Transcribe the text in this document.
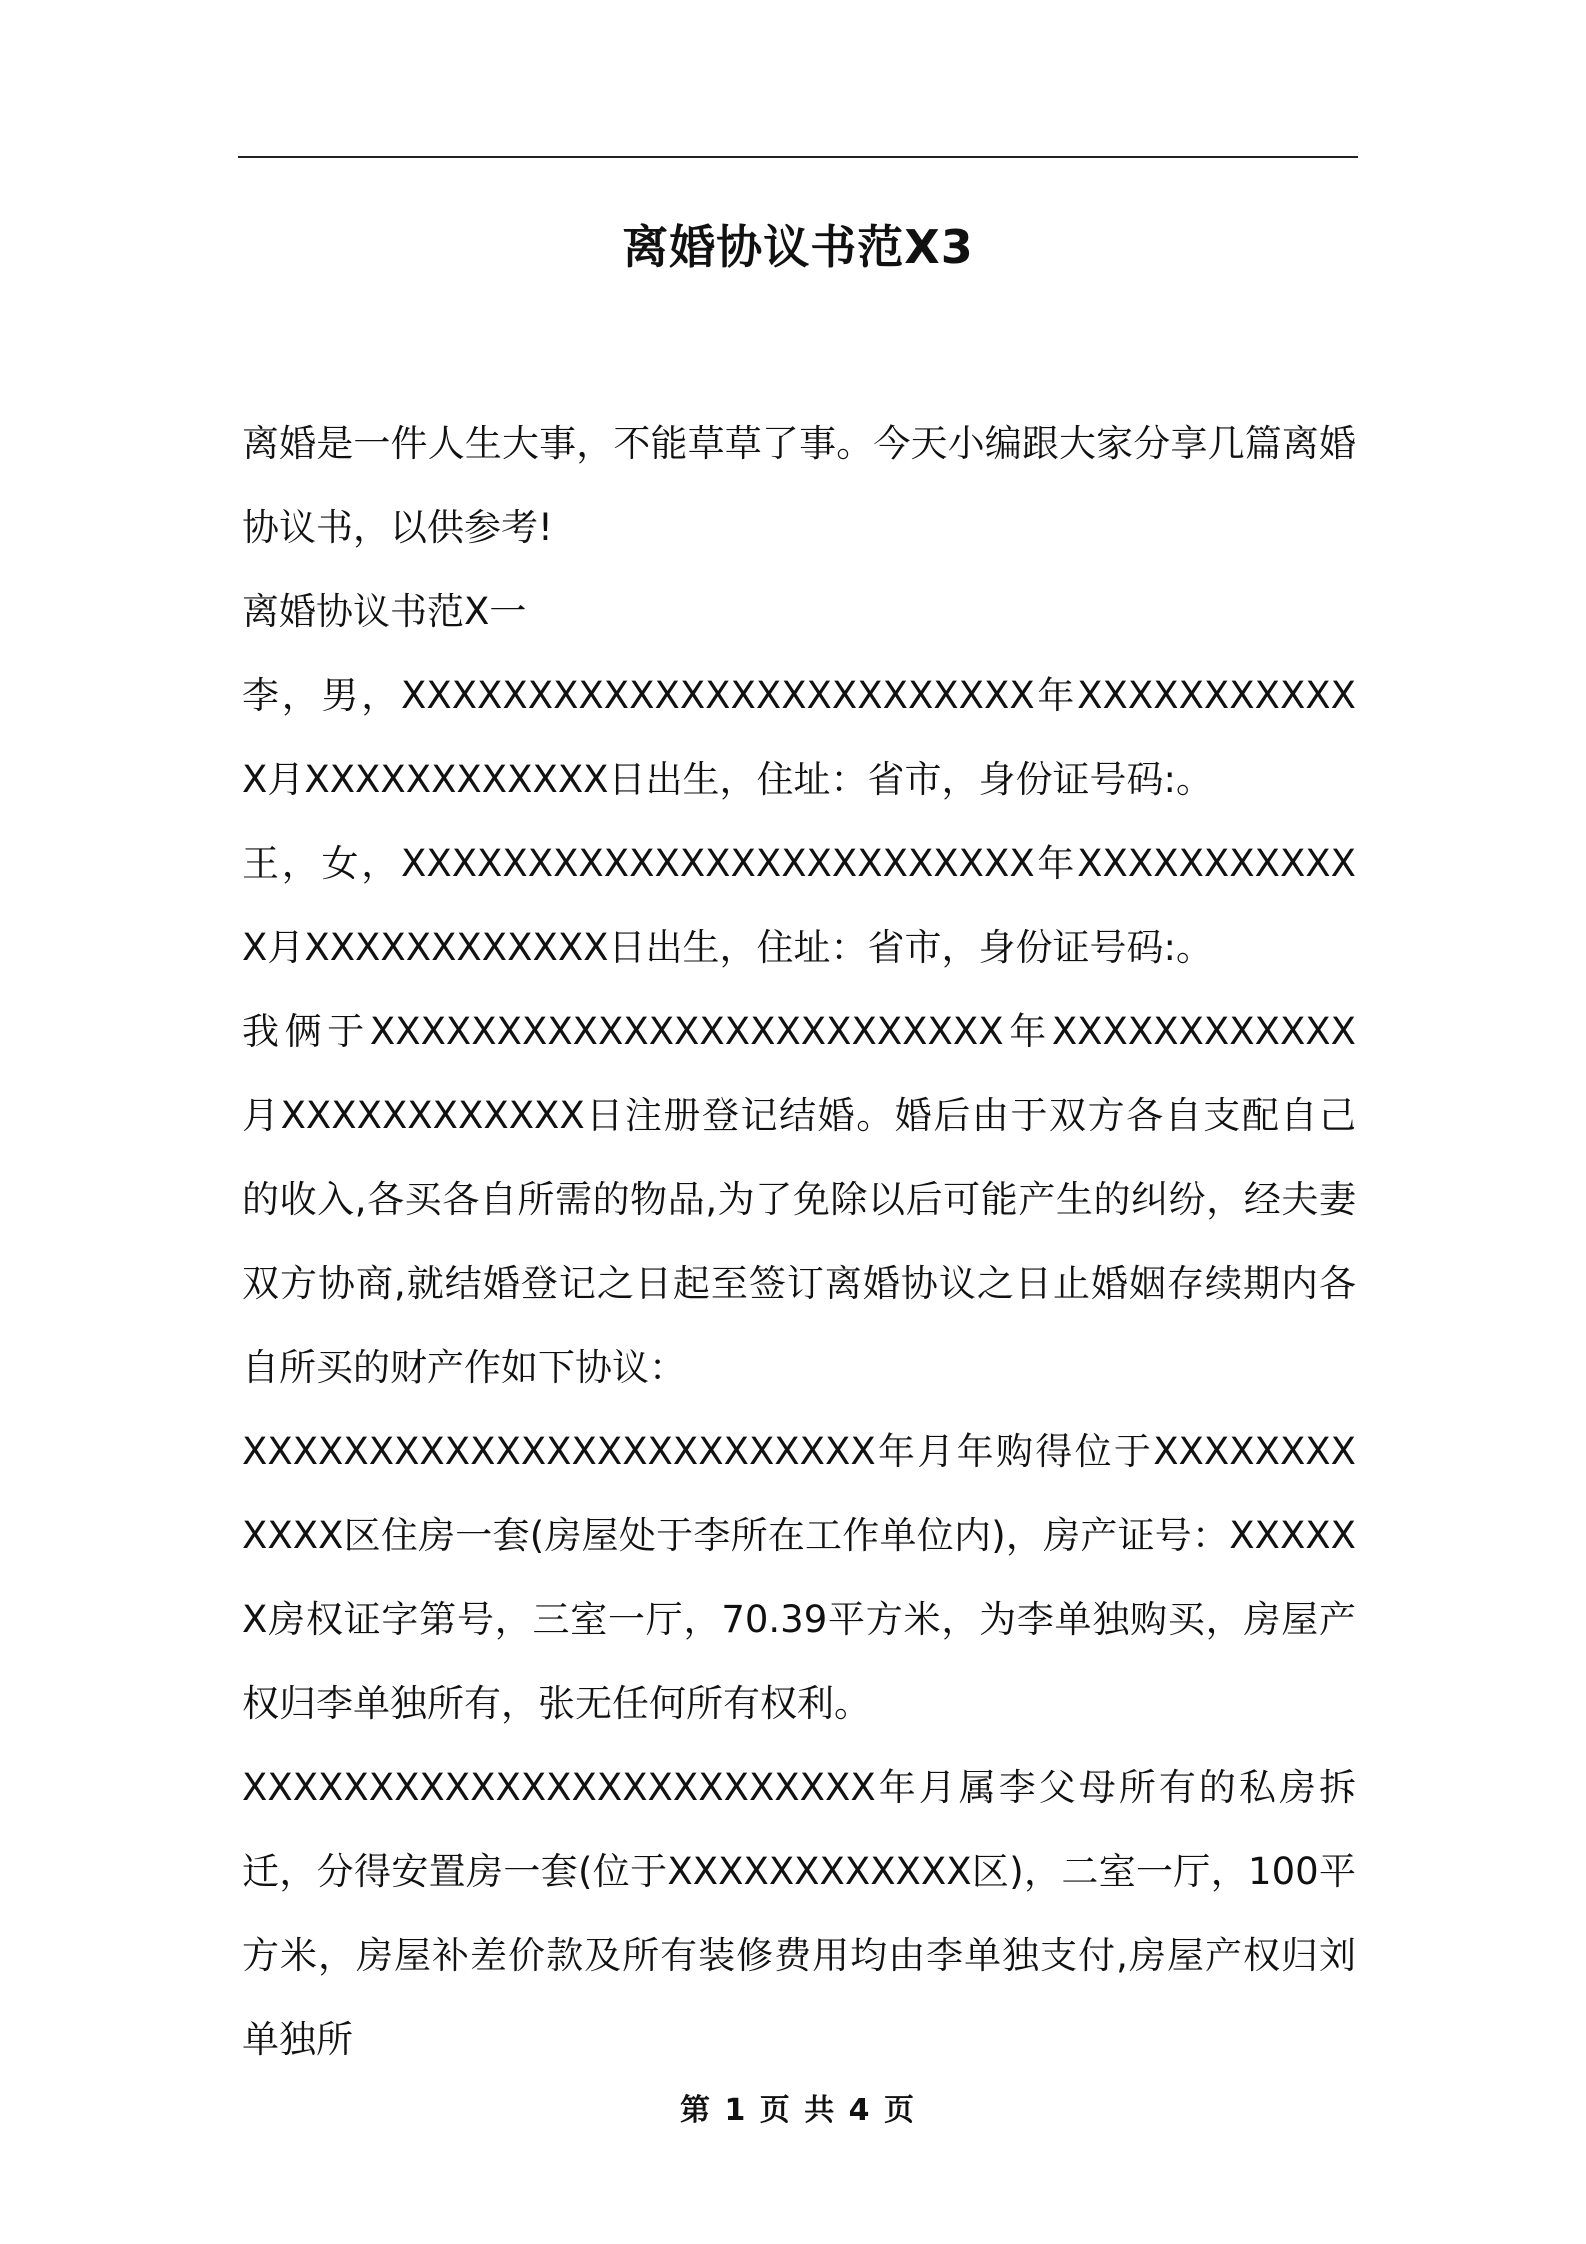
离婚协议书范X3

离婚是一件人生大事，不能草草了事。今天小编跟大家分享几篇离婚协议书，以供参考!

离婚协议书范X一

李，男，XXXXXXXXXXXXXXXXXXXXXXXXX年XXXXXXXXXXXX月XXXXXXXXXXXX日出生，住址：省市，身份证号码:。

王，女，XXXXXXXXXXXXXXXXXXXXXXXXX年XXXXXXXXXXXX月XXXXXXXXXXXX日出生，住址：省市，身份证号码:。

我俩于XXXXXXXXXXXXXXXXXXXXXXXXX年XXXXXXXXXXXX月XXXXXXXXXXXX日注册登记结婚。婚后由于双方各自支配自己的收入,各买各自所需的物品,为了免除以后可能产生的纠纷，经夫妻双方协商,就结婚登记之日起至签订离婚协议之日止婚姻存续期内各自所买的财产作如下协议：

XXXXXXXXXXXXXXXXXXXXXXXXX年月年购得位于XXXXXXXXXXXX区住房一套(房屋处于李所在工作单位内)，房产证号：XXXXXX房权证字第号，三室一厅，70.39平方米，为李单独购买，房屋产权归李单独所有，张无任何所有权利。

XXXXXXXXXXXXXXXXXXXXXXXXX年月属李父母所有的私房拆迁，分得安置房一套(位于XXXXXXXXXXXX区)，二室一厅，100平方米，房屋补差价款及所有装修费用均由李单独支付,房屋产权归刘单独所

第 1 页 共 4 页
